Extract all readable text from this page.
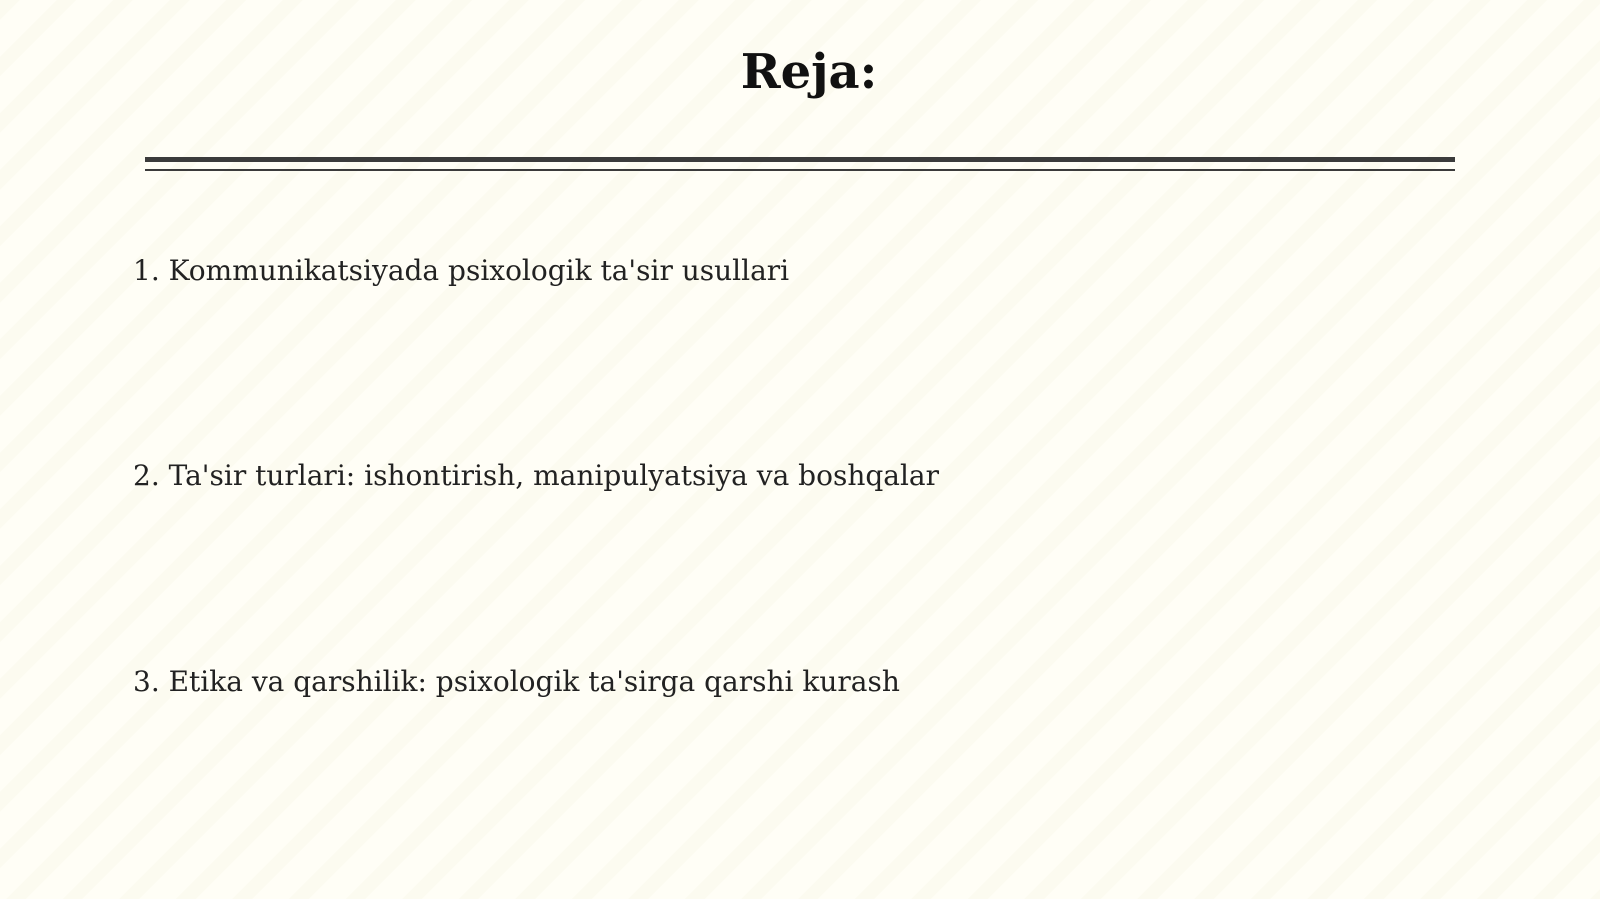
Reja:
1. Kommunikatsiyada psixologik ta'sir usullari
2. Ta'sir turlari: ishontirish, manipulyatsiya va boshqalar
3. Etika va qarshilik: psixologik ta'sirga qarshi kurash
